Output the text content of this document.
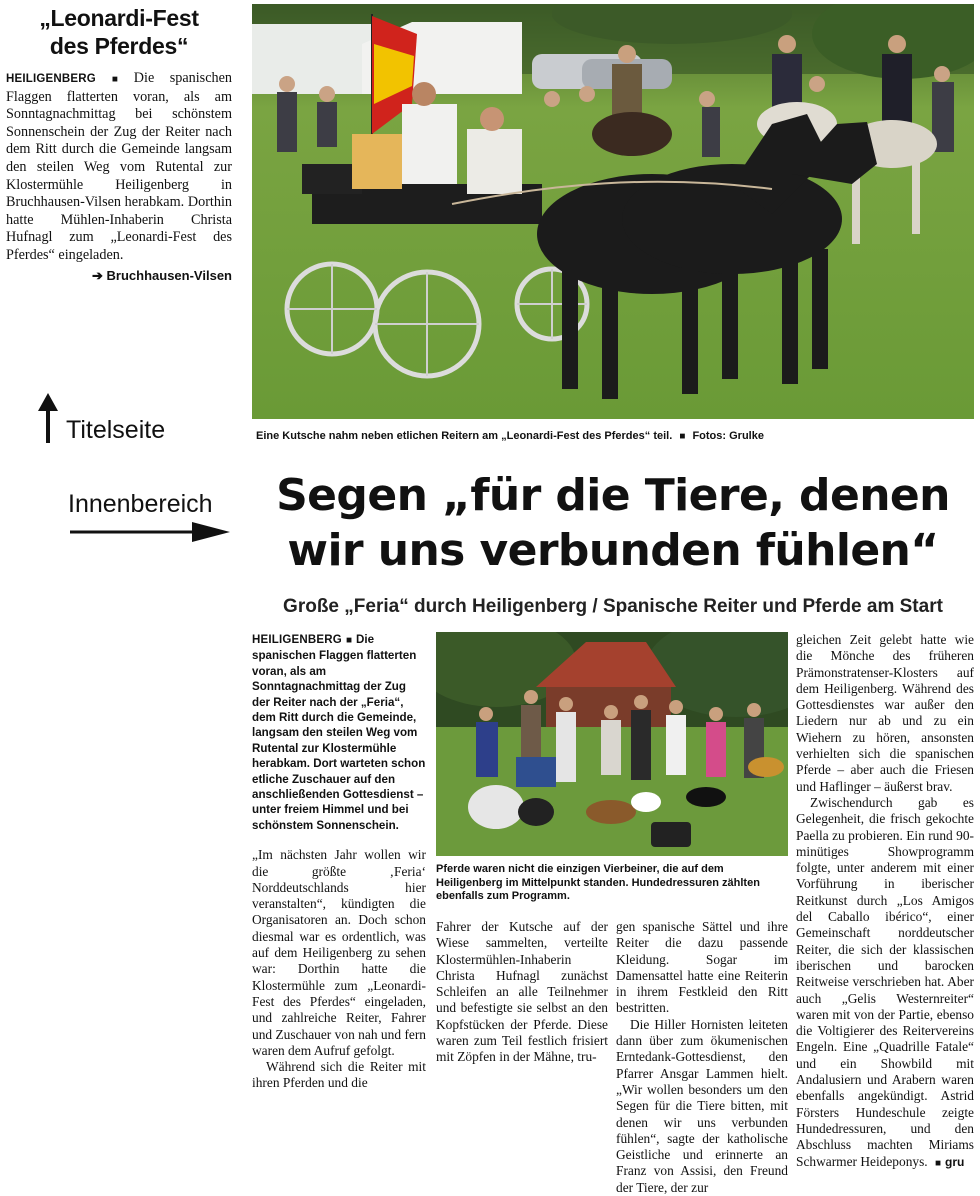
„Leonardi-Fest
des Pferdes“

HEILIGENBERG ■ Die spanischen Flaggen flatterten voran, als am Sonntagnachmittag bei schönstem Sonnenschein der Zug der Reiter nach dem Ritt durch die Gemeinde langsam den steilen Weg vom Rutental zur Klostermühle Heiligenberg in Bruchhausen-Vilsen herabkam. Dorthin hatte Mühlen-Inhaberin Christa Hufnagl zum „Leonardi-Fest des Pferdes“ eingeladen.

➔ Bruchhausen-Vilsen
Titelseite
Innenbereich
Eine Kutsche nahm neben etlichen Reitern am „Leonardi-Fest des Pferdes“ teil. ■ Fotos: Grulke
Segen „für die Tiere, denen
wir uns verbunden fühlen“
Große „Feria“ durch Heiligenberg / Spanische Reiter und Pferde am Start

HEILIGENBERG ■ Die spanischen Flaggen flatterten voran, als am Sonntagnachmittag der Zug der Reiter nach der „Feria“, dem Ritt durch die Gemeinde, langsam den steilen Weg vom Rutental zur Klostermühle herabkam. Dort warteten schon etliche Zuschauer auf den anschließenden Gottesdienst – unter freiem Himmel und bei schönstem Sonnenschein.

„Im nächsten Jahr wollen wir die größte ‚Feria‘ Norddeutschlands hier veranstalten“, kündigten die Organisatoren an. Doch schon diesmal war es ordentlich, was auf dem Heiligenberg zu sehen war: Dorthin hatte die Klostermühle zum „Leonardi-Fest des Pferdes“ eingeladen, und zahlreiche Reiter, Fahrer und Zuschauer von nah und fern waren dem Aufruf gefolgt.

Während sich die Reiter mit ihren Pferden und die

Pferde waren nicht die einzigen Vierbeiner, die auf dem Heiligenberg im Mittelpunkt standen. Hundedressuren zählten ebenfalls zum Programm.

Fahrer der Kutsche auf der Wiese sammelten, verteilte Klostermühlen-Inhaberin Christa Hufnagl zunächst Schleifen an alle Teilnehmer und befestigte sie selbst an den Kopfstücken der Pferde. Diese waren zum Teil festlich frisiert mit Zöpfen in der Mähne, tru-

gen spanische Sättel und ihre Reiter die dazu passende Kleidung. Sogar im Damensattel hatte eine Reiterin in ihrem Festkleid den Ritt bestritten.

Die Hiller Hornisten leiteten dann über zum ökumenischen Erntedank-Gottesdienst, den Pfarrer Ansgar Lammen hielt. „Wir wollen besonders um den Segen für die Tiere bitten, mit denen wir uns verbunden fühlen“, sagte der katholische Geistliche und erinnerte an Franz von Assisi, den Freund der Tiere, der zur

gleichen Zeit gelebt hatte wie die Mönche des früheren Prämonstratenser-Klosters auf dem Heiligenberg. Während des Gottesdienstes war außer den Liedern nur ab und zu ein Wiehern zu hören, ansonsten verhielten sich die spanischen Pferde – aber auch die Friesen und Haflinger – äußerst brav.

Zwischendurch gab es Gelegenheit, die frisch gekochte Paella zu probieren. Ein rund 90-minütiges Showprogramm folgte, unter anderem mit einer Vorführung in iberischer Reitkunst durch „Los Amigos del Caballo ibérico“, einer Gemeinschaft norddeutscher Reiter, die sich der klassischen iberischen und barocken Reitweise verschrieben hat. Aber auch „Gelis Westernreiter“ waren mit von der Partie, ebenso die Voltigierer des Reitervereins Engeln. Eine „Quadrille Fatale“ und ein Showbild mit Andalusiern und Arabern waren ebenfalls angekündigt. Astrid Försters Hundeschule zeigte Hundedressuren, und den Abschluss machten Miriams Schwarmer Heideponys. ■ gru
